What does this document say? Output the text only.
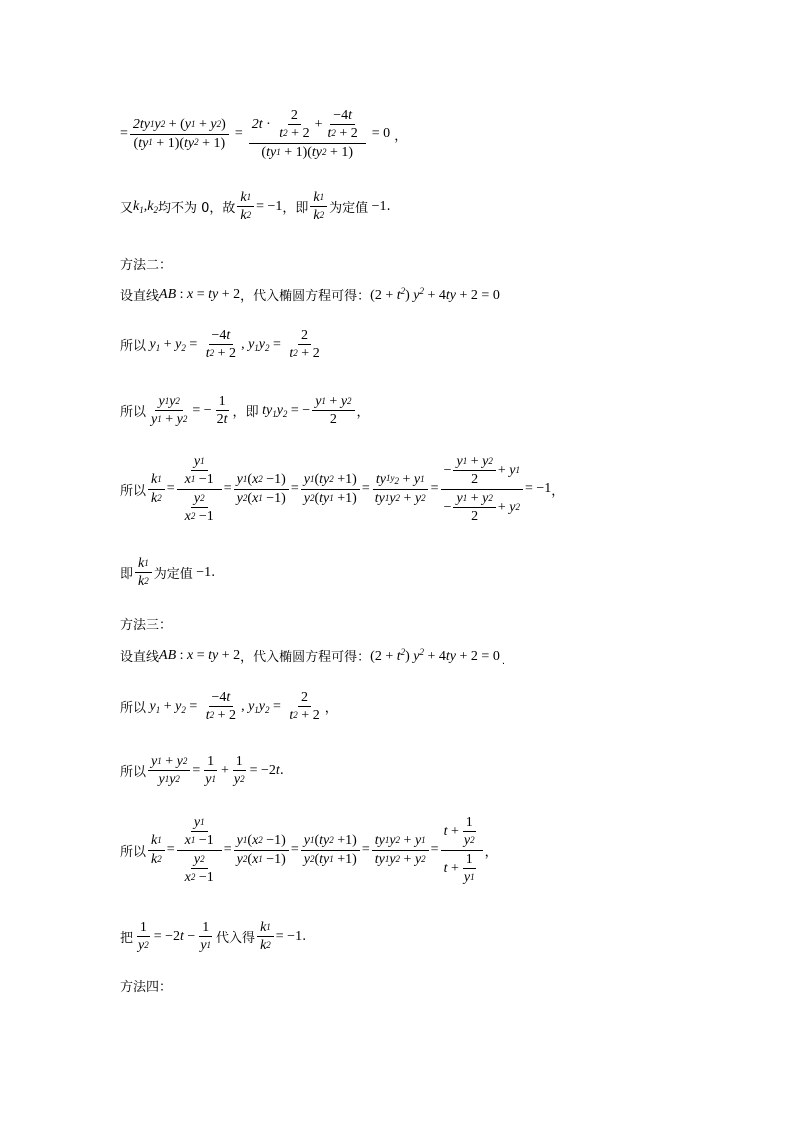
= $\frac{2ty 1 y 2 + ( y 1 + y 2 )}{( ty 1 + 1)( ty 2 + 1)} = \frac{2t \cdot \frac{2}{t 2 + 2} + \frac{-4 t}{t 2 + 2}}{( ty 1 + 1)( ty 2 + 1)} = 0$ ，
又 $k_1,k_2$ 均不为 0，故 $\frac{k 1}{k 2} = -1$ ，即 $\frac{k 1}{k 2}$ 为定值 −1 .
方法二：
设直线 AB : x = ty + 2 ，代入椭圆方程可得： $(2 + t^2)$ $y^2 + 4ty + 2 = 0$
所以 $y_1 + y_2 = \frac{-4 t}{t 2 + 2}$ , $y_1y_2 = \frac{2}{t 2 + 2}$
所以 $\frac{y 1 y 2}{y 1 + y 2}$ = − $\frac{1}{2 t}$ ， 即 $ty_1y_2$ = − $\frac{y 1 + y 2}{2}$ ，
所以 $\frac{k 1}{k 2} = \frac{\frac{y 1}{x 1 -1}}{\frac{y 2}{x 2 -1}} = \frac{y 1 ( x 2 -1)}{y 2 ( x 1 -1)} = \frac{y 1 ( ty 2 +1)}{y 2 ( ty 1 +1)} = \frac{ty 1y_2 + y 1}{ty 1 y 2 + y 2} = \frac{- \frac{y 1 + y 2}{2} + y 1}{- \frac{y 1 + y 2}{2} + y 2} = -1$ ，
即 $\frac{k 1}{k 2}$ 为定值 −1 .
方法三：
设直线 AB : x = ty + 2 ，代入椭圆方程可得： $(2 + t^2)$ $y^2 + 4ty + 2 = 0$ .
所以 $y_1 + y_2 = \frac{-4 t}{t 2 + 2}$ , $y_1y_2 = \frac{2}{t 2 + 2}$ ，
所以 $\frac{y 1 + y 2}{y 1 y 2} = \frac{1}{y 1} + \frac{1}{y 2} = -2t$ .
所以 $\frac{k 1}{k 2} = \frac{\frac{y 1}{x 1 -1}}{\frac{y 2}{x 2 -1}} = \frac{y 1 ( x 2 -1)}{y 2 ( x 1 -1)} = \frac{y 1 ( ty 2 +1)}{y 2 ( ty 1 +1)} = \frac{ty 1 y 2 + y 1}{ty 1 y 2 + y 2} = \frac{t + \frac{1}{y 2}}{t + \frac{1}{y 1}}$ ，
把 $\frac{1}{y 2} = -2t - \frac{1}{y 1}$ 代入得 $\frac{k 1}{k 2} = -1$ .
方法四：
